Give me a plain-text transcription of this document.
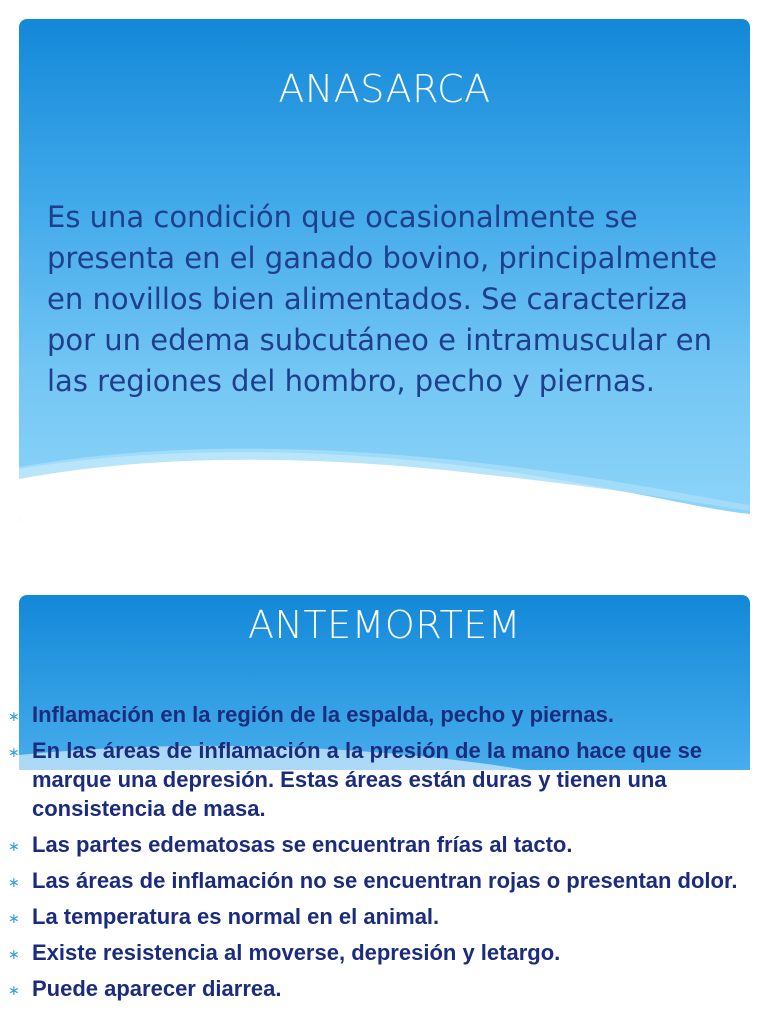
ANASARCA
Es una condición que ocasionalmente se presenta en el ganado bovino, principalmente en novillos bien alimentados. Se caracteriza por un edema subcutáneo e intramuscular en las regiones del hombro, pecho y piernas.
ANTEMORTEM
∗ Inflamación en la región de la espalda, pecho y piernas.
∗ En las áreas de inflamación a la presión de la mano hace que se marque una depresión. Estas áreas están duras y tienen una consistencia de masa.
∗ Las partes edematosas se encuentran frías al tacto.
∗ Las áreas de inflamación no se encuentran rojas o presentan dolor.
∗ La temperatura es normal en el animal.
∗ Existe resistencia al moverse, depresión y letargo.
∗ Puede aparecer diarrea.
